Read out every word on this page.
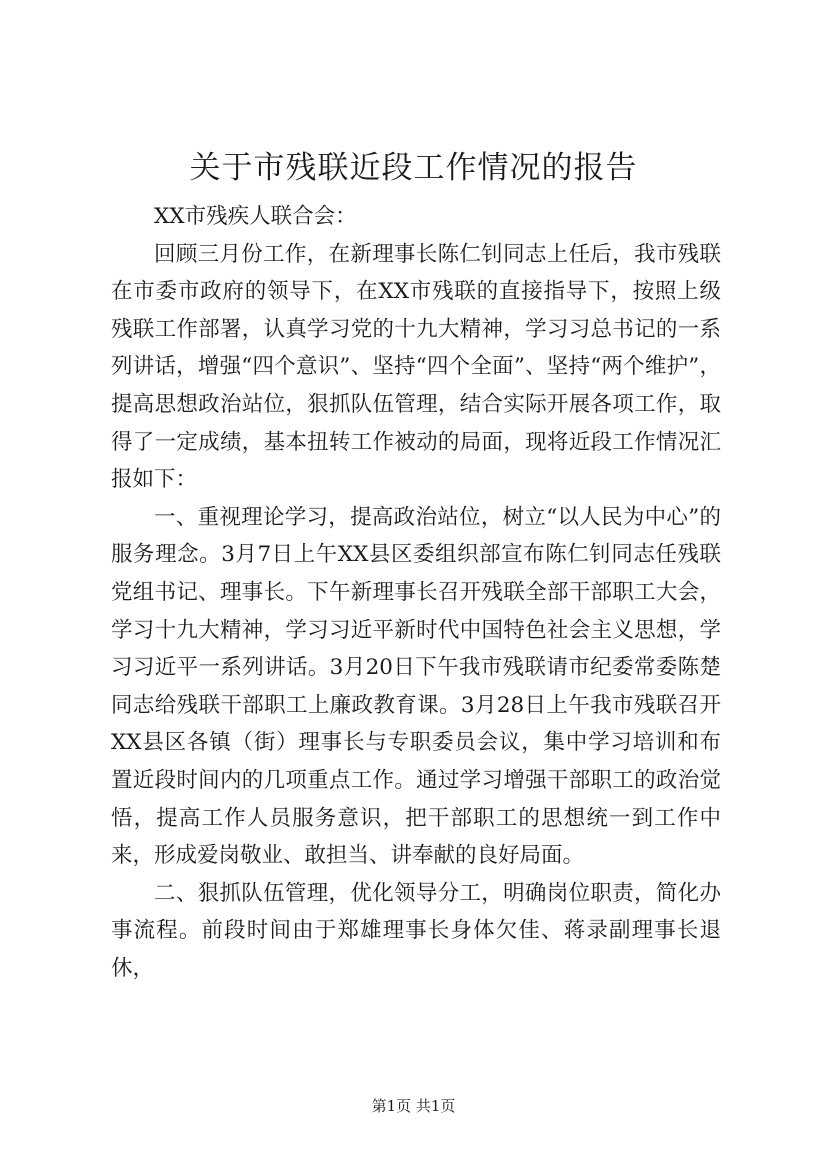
关于市残联近段工作情况的报告

XX市残疾人联合会：

回顾三月份工作，在新理事长陈仁钊同志上任后，我市残联在市委市政府的领导下，在XX市残联的直接指导下，按照上级残联工作部署，认真学习党的十九大精神，学习习总书记的一系列讲话，增强“四个意识”、坚持“四个全面”、坚持“两个维护”，提高思想政治站位，狠抓队伍管理，结合实际开展各项工作，取得了一定成绩，基本扭转工作被动的局面，现将近段工作情况汇报如下：

一、重视理论学习，提高政治站位，树立“以人民为中心”的服务理念。3月7日上午XX县区委组织部宣布陈仁钊同志任残联党组书记、理事长。下午新理事长召开残联全部干部职工大会，学习十九大精神，学习习近平新时代中国特色社会主义思想，学习习近平一系列讲话。3月20日下午我市残联请市纪委常委陈楚同志给残联干部职工上廉政教育课。3月28日上午我市残联召开XX县区各镇（街）理事长与专职委员会议，集中学习培训和布置近段时间内的几项重点工作。通过学习增强干部职工的政治觉悟，提高工作人员服务意识，把干部职工的思想统一到工作中来，形成爱岗敬业、敢担当、讲奉献的良好局面。

二、狠抓队伍管理，优化领导分工，明确岗位职责，简化办事流程。前段时间由于郑雄理事长身体欠佳、蒋录副理事长退休，

第1页 共1页
